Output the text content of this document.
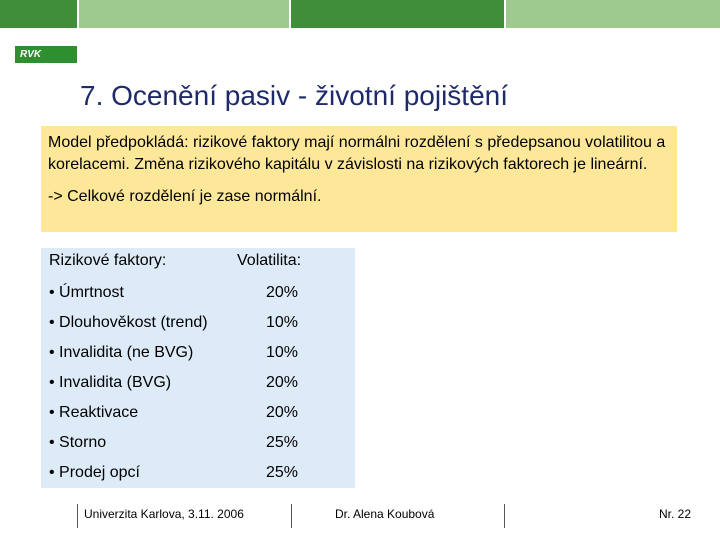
RVK
7. Ocenění pasiv - životní pojištění

Model předpokládá: rizikové faktory mají normálni rozdělení s předepsanou volatilitou a korelacemi. Změna rizikového kapitálu v závislosti na rizikových faktorech je lineární.

-> Celkové rozdělení je zase normální.

Rizikové faktory:	Volatilita:
• Úmrtnost	20%
• Dlouhověkost (trend)	10%
• Invalidita (ne BVG)	10%
• Invalidita (BVG)	20%
• Reaktivace	20%
• Storno	25%
• Prodej opcí	25%
Univerzita Karlova, 3.11. 2006	Dr. Alena Koubová	Nr. 22
